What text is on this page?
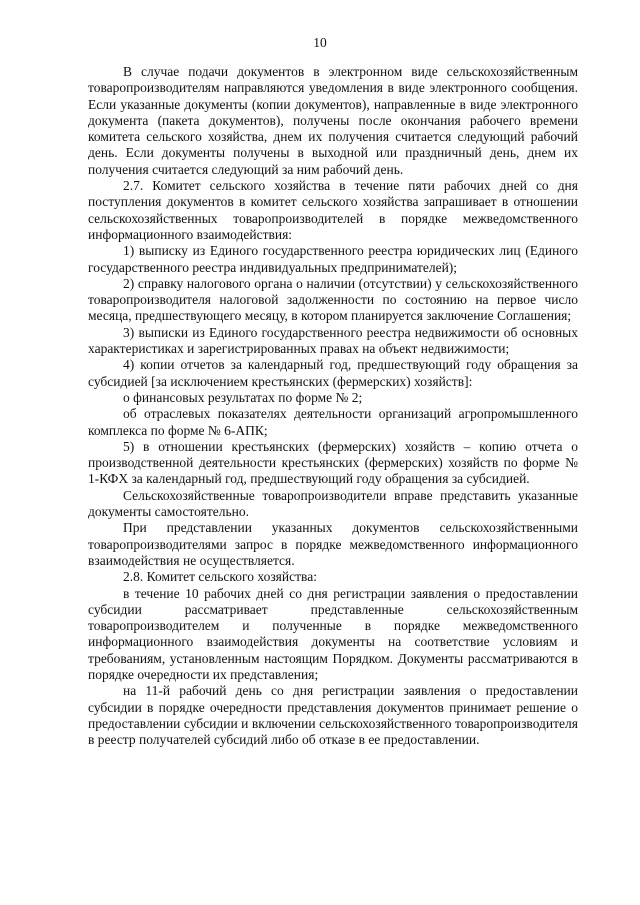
10

В случае подачи документов в электронном виде сельскохозяйственным товаропроизводителям направляются уведомления в виде электронного сообщения. Если указанные документы (копии документов), направленные в виде электронного документа (пакета документов), получены после окончания рабочего времени комитета сельского хозяйства, днем их получения считается следующий рабочий день. Если документы получены в выходной или праздничный день, днем их получения считается следующий за ним рабочий день.

2.7. Комитет сельского хозяйства в течение пяти рабочих дней со дня поступления документов в комитет сельского хозяйства запрашивает в отношении сельскохозяйственных товаропроизводителей в порядке межведомственного информационного взаимодействия:

1) выписку из Единого государственного реестра юридических лиц (Единого государственного реестра индивидуальных предпринимателей);

2) справку налогового органа о наличии (отсутствии) у сельскохозяйственного товаропроизводителя налоговой задолженности по состоянию на первое число месяца, предшествующего месяцу, в котором планируется заключение Соглашения;

3) выписки из Единого государственного реестра недвижимости об основных характеристиках и зарегистрированных правах на объект недвижимости;

4) копии отчетов за календарный год, предшествующий году обращения за субсидией [за исключением крестьянских (фермерских) хозяйств]:

о финансовых результатах по форме № 2;

об отраслевых показателях деятельности организаций агропромышленного комплекса по форме № 6-АПК;

5) в отношении крестьянских (фермерских) хозяйств – копию отчета о производственной деятельности крестьянских (фермерских) хозяйств по форме № 1-КФХ за календарный год, предшествующий году обращения за субсидией.

Сельскохозяйственные товаропроизводители вправе представить указанные документы самостоятельно.

При представлении указанных документов сельскохозяйственными товаропроизводителями запрос в порядке межведомственного информационного взаимодействия не осуществляется.

2.8. Комитет сельского хозяйства:

в течение 10 рабочих дней со дня регистрации заявления о предоставлении субсидии рассматривает представленные сельскохозяйственным товаропроизводителем и полученные в порядке межведомственного информационного взаимодействия документы на соответствие условиям и требованиям, установленным настоящим Порядком. Документы рассматриваются в порядке очередности их представления;

на 11-й рабочий день со дня регистрации заявления о предоставлении субсидии в порядке очередности представления документов принимает решение о предоставлении субсидии и включении сельскохозяйственного товаропроизводителя в реестр получателей субсидий либо об отказе в ее предоставлении.
